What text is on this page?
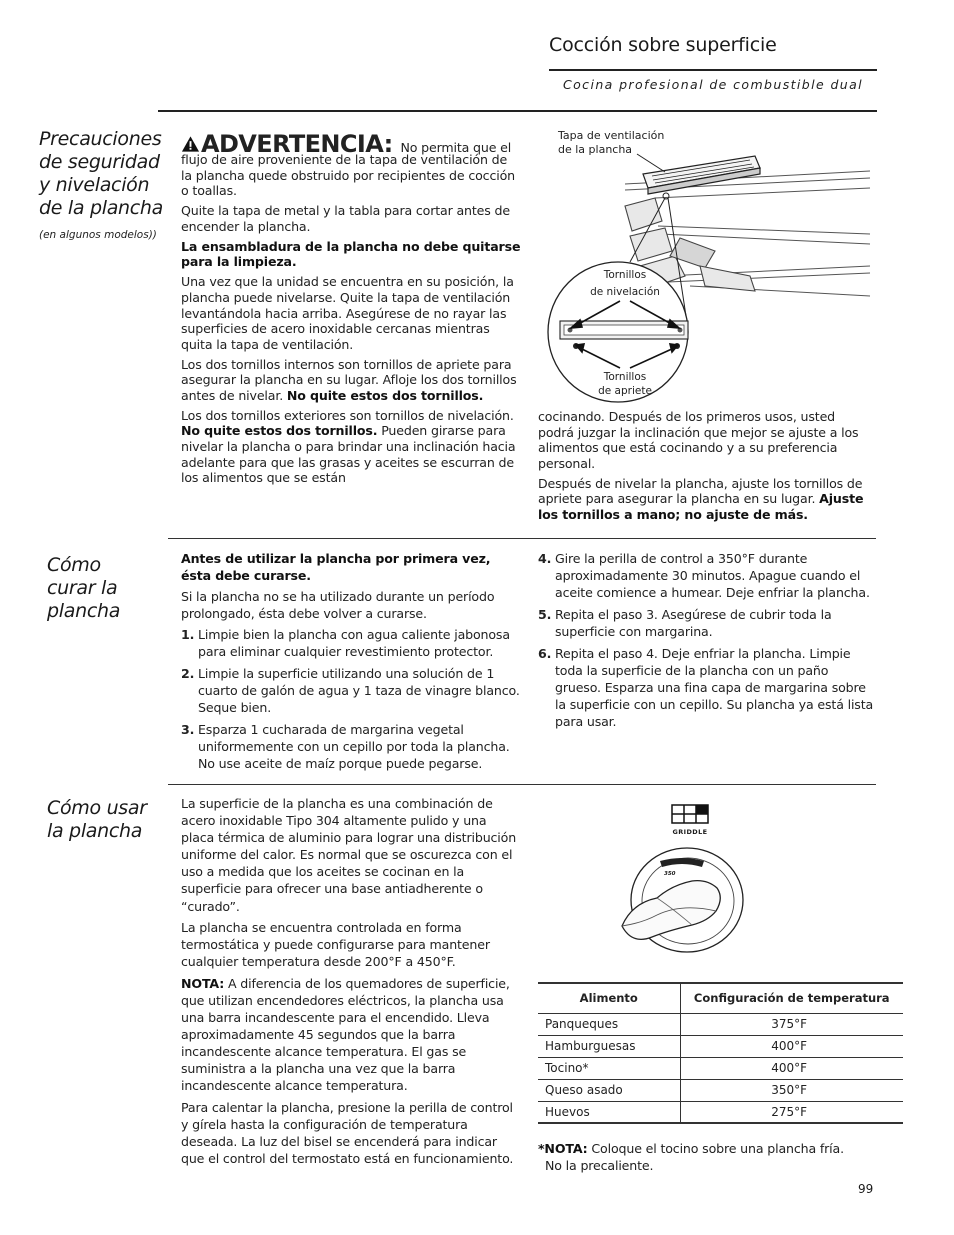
Cocción sobre superficie
Cocina profesional de combustible dual
Precauciones
de seguridad
y nivelación
de la plancha
(en algunos modelos))
ADVERTENCIA: No permita que el

flujo de aire proveniente de la tapa de ventilación de la plancha quede obstruido por recipientes de cocción o toallas.

Quite la tapa de metal y la tabla para cortar antes de encender la plancha.

La ensambladura de la plancha no debe quitarse para la limpieza.

Una vez que la unidad se encuentra en su posición, la plancha puede nivelarse. Quite la tapa de ventilación levantándola hacia arriba. Asegúrese de no rayar las superficies de acero inoxidable cercanas mientras quita la tapa de ventilación.

Los dos tornillos internos son tornillos de apriete para asegurar la plancha en su lugar. Afloje los dos tornillos antes de nivelar. No quite estos dos tornillos.

Los dos tornillos exteriores son tornillos de nivelación. No quite estos dos tornillos. Pueden girarse para nivelar la plancha o para brindar una inclinación hacia adelante para que las grasas y aceites se escurran de los alimentos que se están

Tapa de ventilación
de la plancha
Tornillos
de nivelación
Tornillos
de apriete

cocinando. Después de los primeros usos, usted podrá juzgar la inclinación que mejor se ajuste a los alimentos que está cocinando y a su preferencia personal.

Después de nivelar la plancha, ajuste los tornillos de apriete para asegurar la plancha en su lugar. Ajuste los tornillos a mano; no ajuste de más.

Cómo
curar la
plancha

Antes de utilizar la plancha por primera vez,
ésta debe curarse.

Si la plancha no se ha utilizado durante un período prolongado, ésta debe volver a curarse.

1. Limpie bien la plancha con agua caliente jabonosa para eliminar cualquier revestimiento protector.
2. Limpie la superficie utilizando una solución de 1 cuarto de galón de agua y 1 taza de vinagre blanco. Seque bien.
3. Esparza 1 cucharada de margarina vegetal uniformemente con un cepillo por toda la plancha. No use aceite de maíz porque puede pegarse.
4. Gire la perilla de control a 350°F durante aproximadamente 30 minutos. Apague cuando el aceite comience a humear. Deje enfriar la plancha.
5. Repita el paso 3. Asegúrese de cubrir toda la superficie con margarina.
6. Repita el paso 4. Deje enfriar la plancha. Limpie toda la superficie de la plancha con un paño grueso. Esparza una fina capa de margarina sobre la superficie con un cepillo. Su plancha ya está lista para usar.
Cómo usar
la plancha

La superficie de la plancha es una combinación de acero inoxidable Tipo 304 altamente pulido y una placa térmica de aluminio para lograr una distribución uniforme del calor. Es normal que se oscurezca con el uso a medida que los aceites se cocinan en la superficie para ofrecer una base antiadherente o “curado”.

La plancha se encuentra controlada en forma termostática y puede configurarse para mantener cualquier temperatura desde 200°F a 450°F.

NOTA: A diferencia de los quemadores de superficie, que utilizan encendedores eléctricos, la plancha usa una barra incandescente para el encendido. Lleva aproximadamente 45 segundos que la barra incandescente alcance temperatura. El gas se suministra a la plancha una vez que la barra incandescente alcance temperatura.

Para calentar la plancha, presione la perilla de control y gírela hasta la configuración de temperatura deseada. La luz del bisel se encenderá para indicar que el control del termostato está en funcionamiento.

GRIDDLE
350
Alimento	Configuración de temperatura
Panqueques	375°F
Hamburguesas	400°F
Tocino*	400°F
Queso asado	350°F
Huevos	275°F
*NOTA: Coloque el tocino sobre una plancha fría.
No la precaliente.
99
